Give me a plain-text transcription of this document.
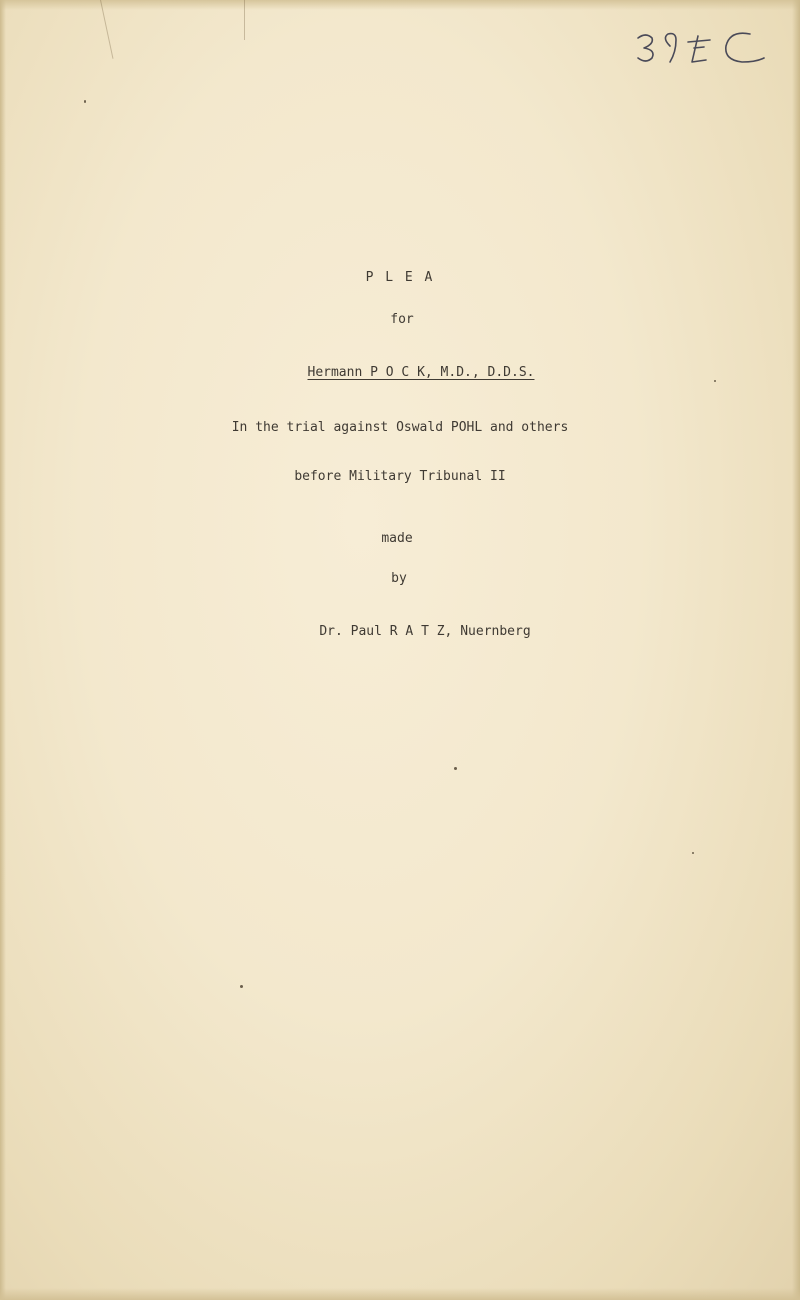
P L E A
for
Hermann P O C K, M.D., D.D.S.
In the trial against Oswald POHL and others
before Military Tribunal II
made
by
Dr. Paul R A T Z, Nuernberg
